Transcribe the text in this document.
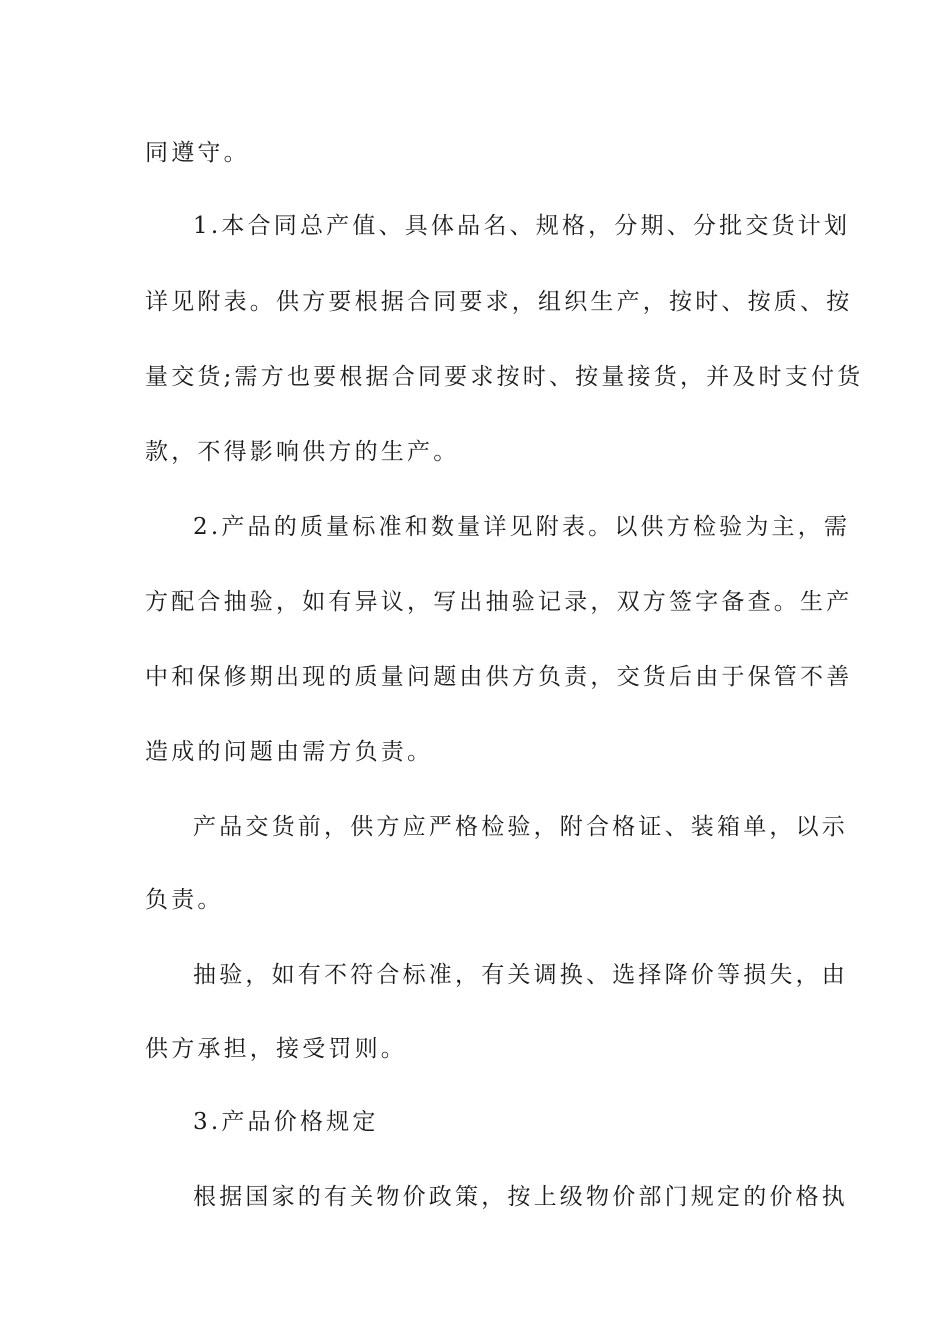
同遵守。
1.本合同总产值、具体品名、规格，分期、分批交货计划
详见附表。供方要根据合同要求，组织生产，按时、按质、按
量交货;需方也要根据合同要求按时、按量接货，并及时支付货
款，不得影响供方的生产。
2.产品的质量标准和数量详见附表。以供方检验为主，需
方配合抽验，如有异议，写出抽验记录，双方签字备查。生产
中和保修期出现的质量问题由供方负责，交货后由于保管不善
造成的问题由需方负责。
产品交货前，供方应严格检验，附合格证、装箱单，以示
负责。
抽验，如有不符合标准，有关调换、选择降价等损失，由
供方承担，接受罚则。
3.产品价格规定
根据国家的有关物价政策，按上级物价部门规定的价格执
